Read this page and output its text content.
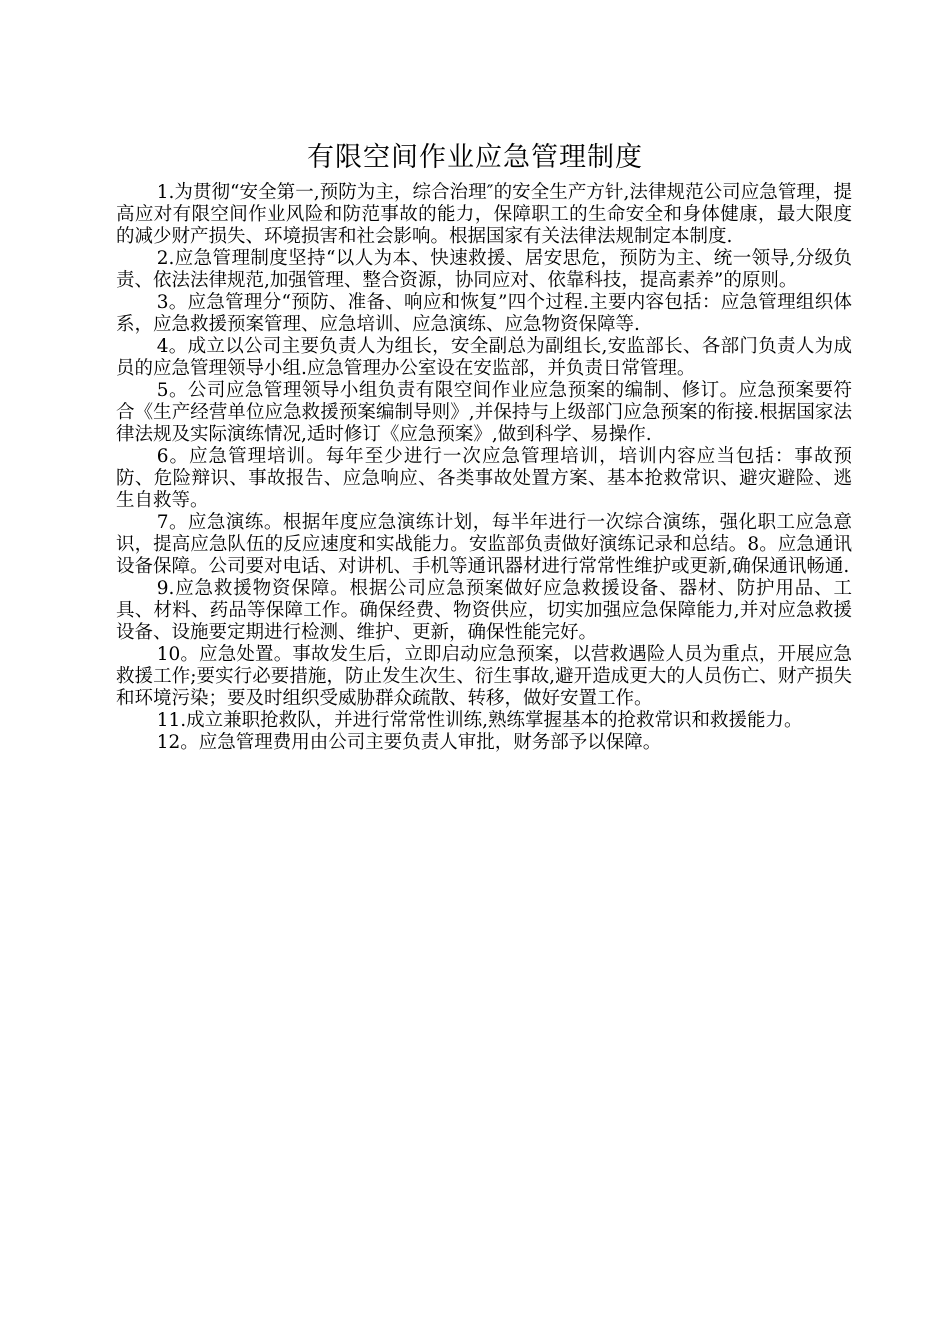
有限空间作业应急管理制度

1.为贯彻“安全第一,预防为主，综合治理″的安全生产方针,法律规范公司应急管理，提高应对有限空间作业风险和防范事故的能力，保障职工的生命安全和身体健康，最大限度的减少财产损失、环境损害和社会影响。根据国家有关法律法规制定本制度.

2.应急管理制度坚持“以人为本、快速救援、居安思危，预防为主、统一领导,分级负责、依法法律规范,加强管理、整合资源，协同应对、依靠科技，提高素养”的原则。

3。应急管理分“预防、准备、响应和恢复”四个过程.主要内容包括：应急管理组织体系，应急救援预案管理、应急培训、应急演练、应急物资保障等.

4。成立以公司主要负责人为组长，安全副总为副组长,安监部长、各部门负责人为成员的应急管理领导小组.应急管理办公室设在安监部，并负责日常管理。

5。公司应急管理领导小组负责有限空间作业应急预案的编制、修订。应急预案要符合《生产经营单位应急救援预案编制导则》,并保持与上级部门应急预案的衔接.根据国家法律法规及实际演练情况,适时修订《应急预案》,做到科学、易操作.

6。应急管理培训。每年至少进行一次应急管理培训，培训内容应当包括：事故预防、危险辩识、事故报告、应急响应、各类事故处置方案、基本抢救常识、避灾避险、逃生自救等。

7。应急演练。根据年度应急演练计划，每半年进行一次综合演练，强化职工应急意识，提高应急队伍的反应速度和实战能力。安监部负责做好演练记录和总结。8。应急通讯设备保障。公司要对电话、对讲机、手机等通讯器材进行常常性维护或更新,确保通讯畅通.

9.应急救援物资保障。根据公司应急预案做好应急救援设备、器材、防护用品、工具、材料、药品等保障工作。确保经费、物资供应，切实加强应急保障能力,并对应急救援设备、设施要定期进行检测、维护、更新，确保性能完好。

10。应急处置。事故发生后，立即启动应急预案，以营救遇险人员为重点，开展应急救援工作;要实行必要措施，防止发生次生、衍生事故,避开造成更大的人员伤亡、财产损失和环境污染；要及时组织受威胁群众疏散、转移，做好安置工作。

11.成立兼职抢救队，并进行常常性训练,熟练掌握基本的抢救常识和救援能力。

12。应急管理费用由公司主要负责人审批，财务部予以保障。
